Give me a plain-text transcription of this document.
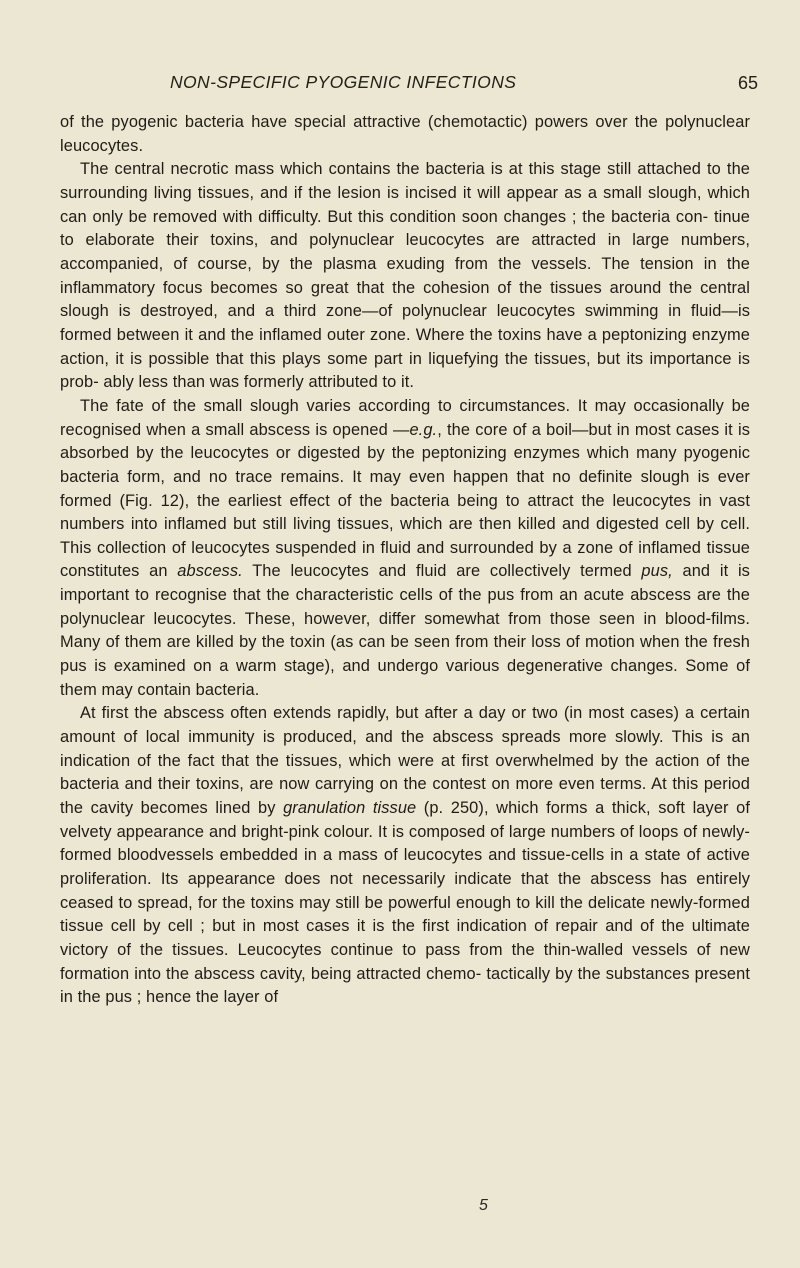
NON-SPECIFIC PYOGENIC INFECTIONS	65

of the pyogenic bacteria have special attractive (chemotactic) powers over the polynuclear leucocytes.

The central necrotic mass which contains the bacteria is at this stage still attached to the surrounding living tissues, and if the lesion is incised it will appear as a small slough, which can only be removed with difficulty. But this condition soon changes ; the bacteria con- tinue to elaborate their toxins, and polynuclear leucocytes are attracted in large numbers, accompanied, of course, by the plasma exuding from the vessels. The tension in the inflammatory focus becomes so great that the cohesion of the tissues around the central slough is destroyed, and a third zone—of polynuclear leucocytes swimming in fluid—is formed between it and the inflamed outer zone. Where the toxins have a peptonizing enzyme action, it is possible that this plays some part in liquefying the tissues, but its importance is prob- ably less than was formerly attributed to it.

The fate of the small slough varies according to circumstances. It may occasionally be recognised when a small abscess is opened —e.g., the core of a boil—but in most cases it is absorbed by the leucocytes or digested by the peptonizing enzymes which many pyogenic bacteria form, and no trace remains. It may even happen that no definite slough is ever formed (Fig. 12), the earliest effect of the bacteria being to attract the leucocytes in vast numbers into inflamed but still living tissues, which are then killed and digested cell by cell. This collection of leucocytes suspended in fluid and surrounded by a zone of inflamed tissue constitutes an abscess. The leucocytes and fluid are collectively termed pus, and it is important to recognise that the characteristic cells of the pus from an acute abscess are the polynuclear leucocytes. These, however, differ somewhat from those seen in blood-films. Many of them are killed by the toxin (as can be seen from their loss of motion when the fresh pus is examined on a warm stage), and undergo various degenerative changes. Some of them may contain bacteria.

At first the abscess often extends rapidly, but after a day or two (in most cases) a certain amount of local immunity is produced, and the abscess spreads more slowly. This is an indication of the fact that the tissues, which were at first overwhelmed by the action of the bacteria and their toxins, are now carrying on the contest on more even terms. At this period the cavity becomes lined by granulation tissue (p. 250), which forms a thick, soft layer of velvety appearance and bright-pink colour. It is composed of large numbers of loops of newly-formed bloodvessels embedded in a mass of leucocytes and tissue-cells in a state of active proliferation. Its appearance does not necessarily indicate that the abscess has entirely ceased to spread, for the toxins may still be powerful enough to kill the delicate newly-formed tissue cell by cell ; but in most cases it is the first indication of repair and of the ultimate victory of the tissues. Leucocytes continue to pass from the thin-walled vessels of new formation into the abscess cavity, being attracted chemo- tactically by the substances present in the pus ; hence the layer of

5
